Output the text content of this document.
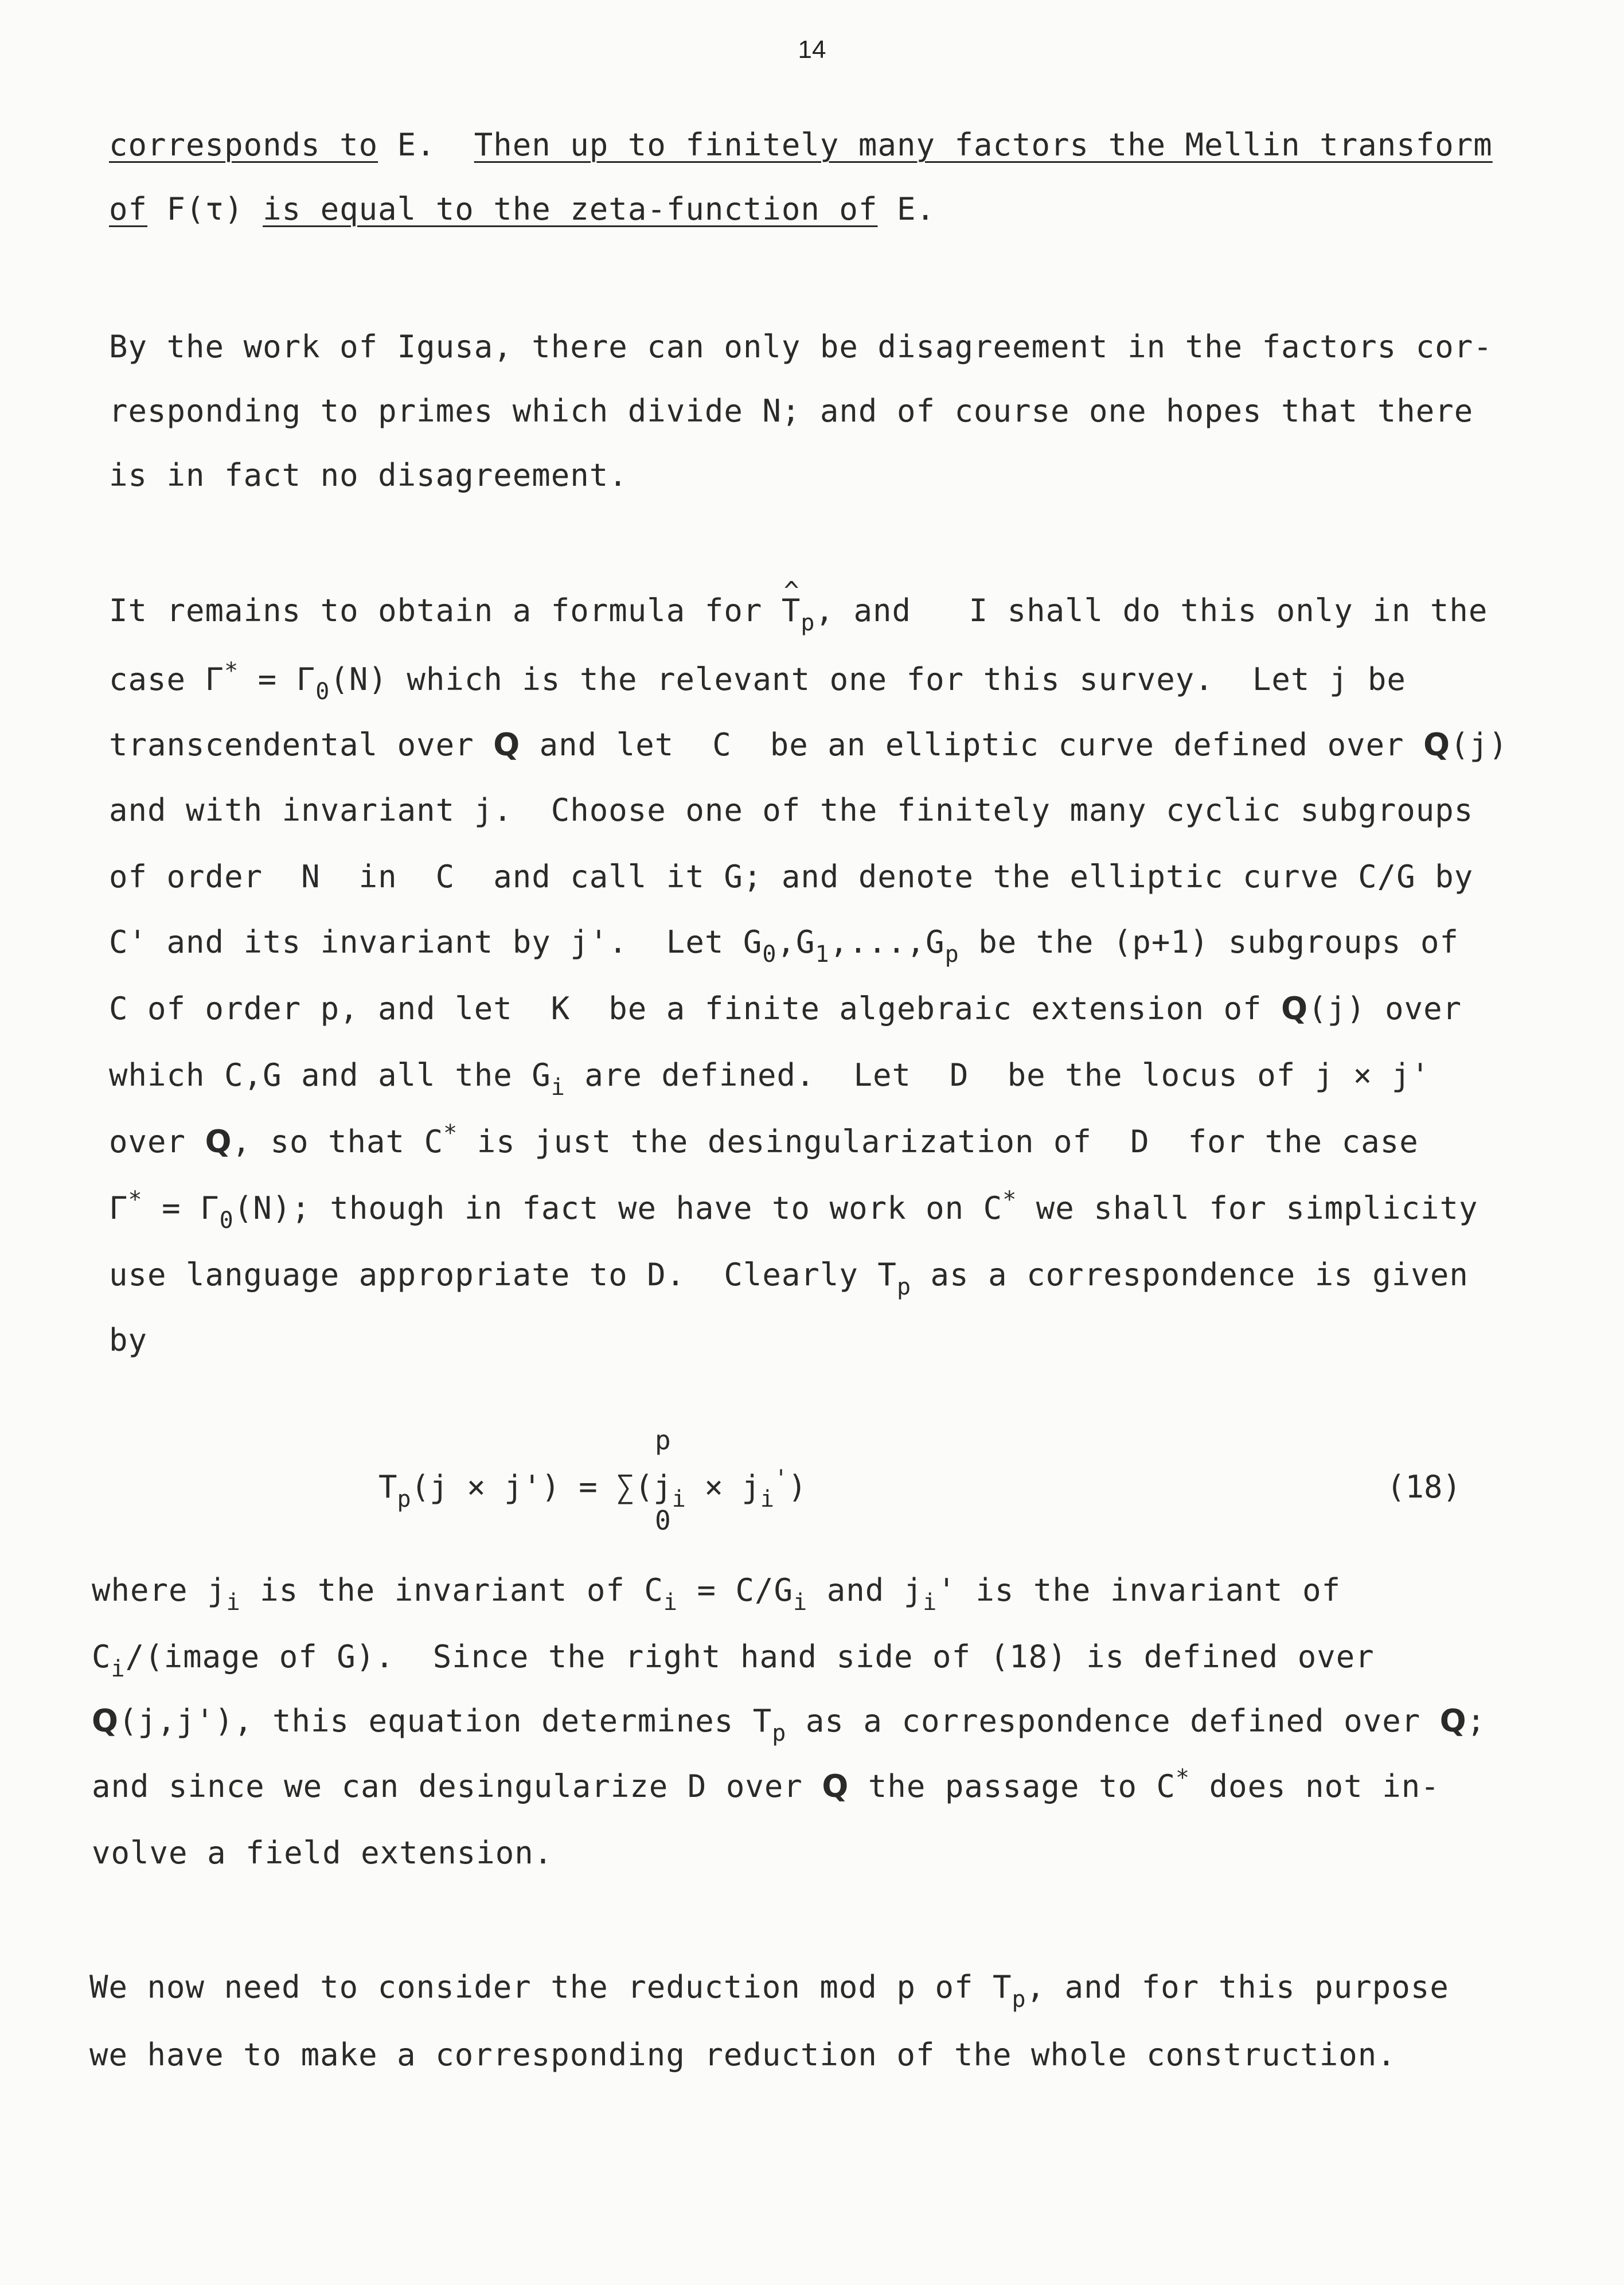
14
corresponds to E.  Then up to finitely many factors the Mellin transform
of F(τ) is equal to the zeta-function of E.
By the work of Igusa, there can only be disagreement in the factors cor-
responding to primes which divide N; and of course one hopes that there
is in fact no disagreement.
It remains to obtain a formula for ^ $T_p$, and   I shall do this only in the
case $\Gamma^* = \Gamma_0(N)$ which is the relevant one for this survey.  Let j be
transcendental over Q and let  C  be an elliptic curve defined over Q(j)
and with invariant j.  Choose one of the finitely many cyclic subgroups
of order  N  in  C  and call it G; and denote the elliptic curve C/G by
C' and its invariant by j'.  Let $G_0,G_1,...,G_p$ be the (p+1) subgroups of
C of order p, and let  K  be a finite algebraic extension of Q(j) over
which C,G and all the $G_i$ are defined.  Let  D  be the locus of j × j'
over Q, so that C* is just the desingularization of  D  for the case
$\Gamma^* = \Gamma_0(N)$; though in fact we have to work on C* we shall for simplicity
use language appropriate to D.  Clearly $T_p$ as a correspondence is given
by
$T_p(j \times j') = \sum(j_i \times j_i')$
p
0
(18)
where $j_i$ is the invariant of $C_i = C/G_i$ and $j_i'$ is the invariant of
$C_i/(image$ of G).  Since the right hand side of (18) is defined over
Q(j,j'), this equation determines $T_p$ as a correspondence defined over Q;
and since we can desingularize D over Q the passage to C* does not in-
volve a field extension.
We now need to consider the reduction mod p of $T_p$, and for this purpose
we have to make a corresponding reduction of the whole construction.
